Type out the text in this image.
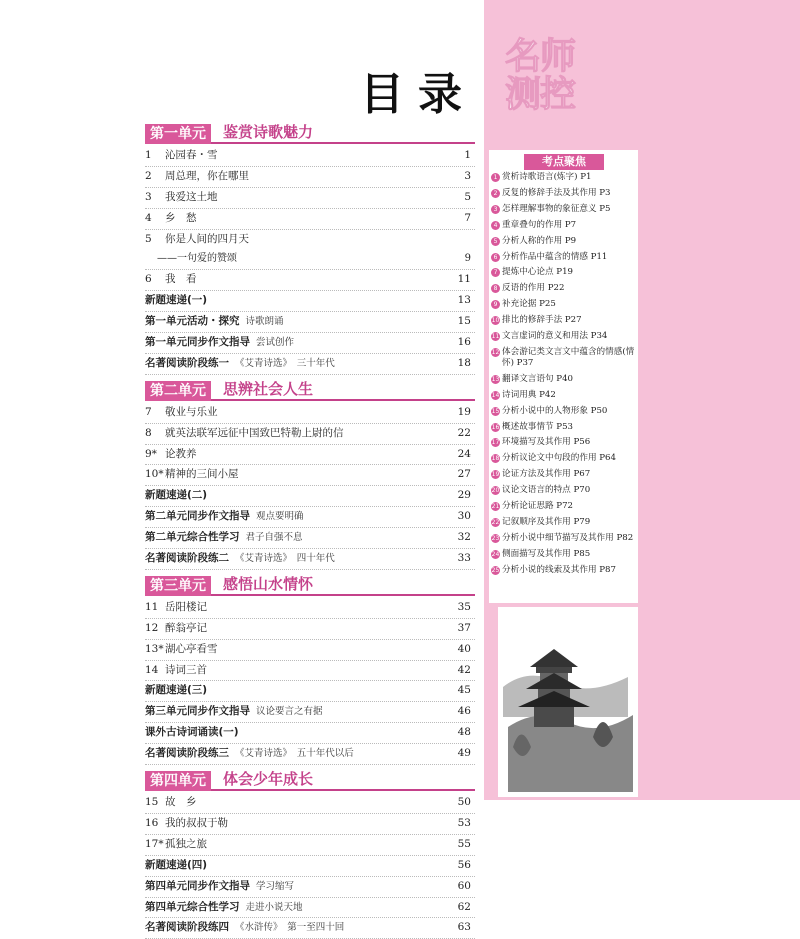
名师
测控
目录
第一单元	鉴赏诗歌魅力
1 沁园春・雪	1
2 周总理，你在哪里	3
3 我爱这土地	5
4 乡　愁	7
5 你是人间的四月天
——一句爱的赞颂	9
6 我　看	11
新题速递(一)	13
第一单元活动・探究 诗歌朗诵	15
第一单元同步作文指导 尝试创作	16
名著阅读阶段练一 《艾青诗选》　三十年代	18
第二单元	思辨社会人生
7 敬业与乐业	19
8 就英法联军远征中国致巴特勒上尉的信	22
9* 论教养	24
10*精神的三间小屋	27
新题速递(二)	29
第二单元同步作文指导 观点要明确	30
第二单元综合性学习 君子自强不息	32
名著阅读阶段练二 《艾青诗选》　四十年代	33
第三单元	感悟山水情怀
11 岳阳楼记	35
12 醉翁亭记	37
13*湖心亭看雪	40
14 诗词三首	42
新题速递(三)	45
第三单元同步作文指导 议论要言之有据	46
课外古诗词诵读(一)	48
名著阅读阶段练三 《艾青诗选》　五十年代以后	49
第四单元	体会少年成长
15 故　乡	50
16 我的叔叔于勒	53
17*孤独之旅	55
新题速递(四)	56
第四单元同步作文指导 学习缩写	60
第四单元综合性学习 走进小说天地	62
名著阅读阶段练四 《水浒传》　第一至四十回	63
考点聚焦
1 赏析诗歌语言(炼字) P1
2 反复的修辞手法及其作用 P3
3 怎样理解事物的象征意义 P5
4 重章叠句的作用 P7
5 分析人称的作用 P9
6 分析作品中蕴含的情感 P11
7 提炼中心论点 P19
8 反语的作用 P22
9 补充论据 P25
10 排比的修辞手法 P27
11 文言虚词的意义和用法 P34
12 体会游记类文言文中蕴含的情感(情怀) P37
13 翻译文言语句 P40
14 诗词用典 P42
15 分析小说中的人物形象 P50
16 概述故事情节 P53
17 环境描写及其作用 P56
18 分析议论文中句段的作用 P64
19 论证方法及其作用 P67
20 议论文语言的特点 P70
21 分析论证思路 P72
22 记叙顺序及其作用 P79
23 分析小说中细节描写及其作用 P82
24 侧面描写及其作用 P85
25 分析小说的线索及其作用 P87
